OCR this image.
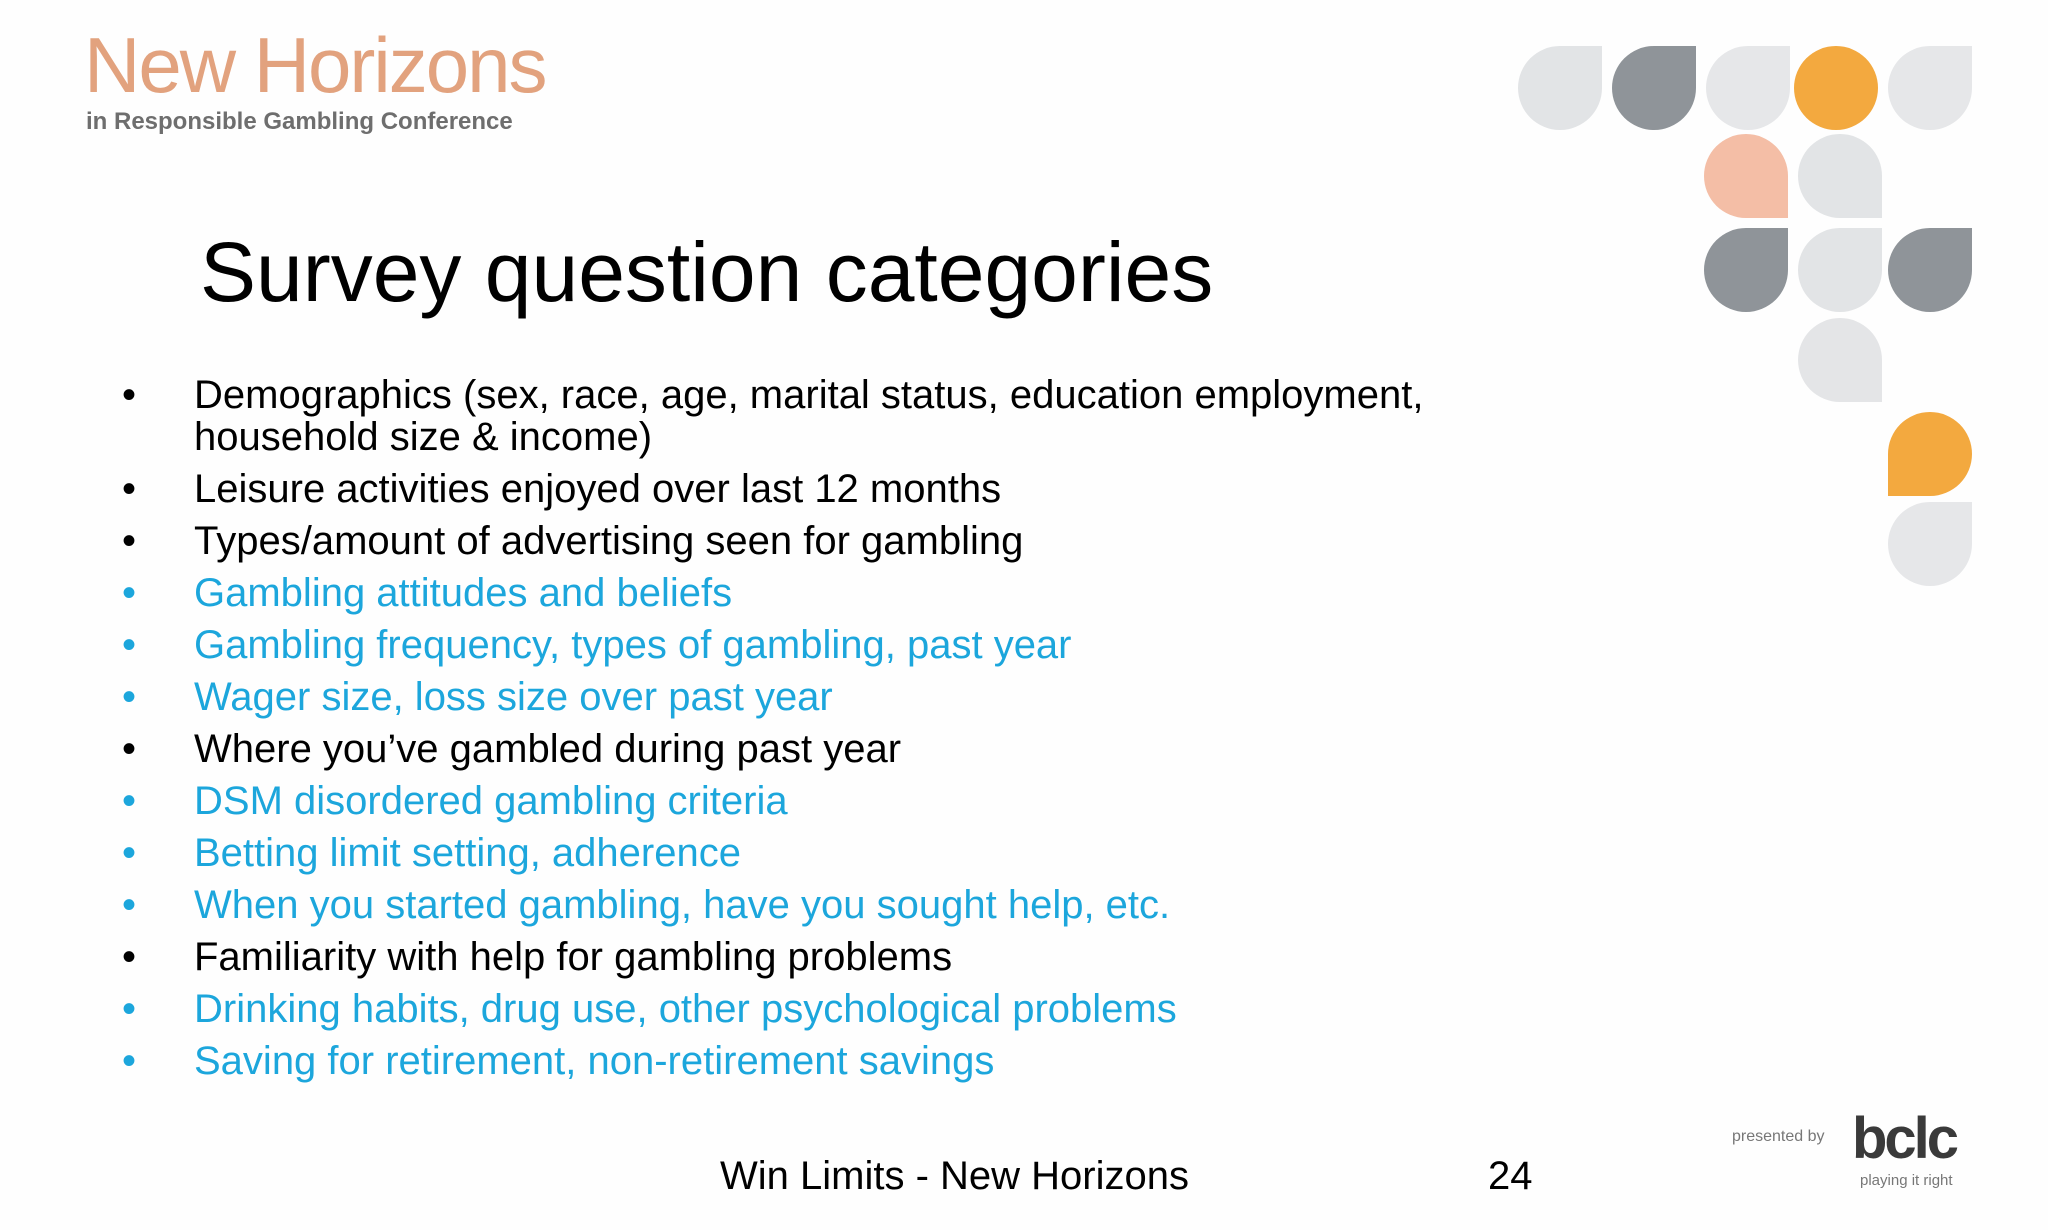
New Horizons
in Responsible Gambling Conference
Survey question categories
•	Demographics (sex, race, age, marital status, education employment, household size & income)
•	Leisure activities enjoyed over last 12 months
•	Types/amount of advertising seen for gambling
•	Gambling attitudes and beliefs
•	Gambling frequency, types of gambling, past year
•	Wager size, loss size over past year
•	Where you’ve gambled during past year
•	DSM disordered gambling criteria
•	Betting limit setting, adherence
•	When you started gambling, have you sought help, etc.
•	Familiarity with help for gambling problems
•	Drinking habits, drug use, other psychological problems
•	Saving for retirement, non-retirement savings
Win Limits - New Horizons	24
presented by bclc
playing it right
